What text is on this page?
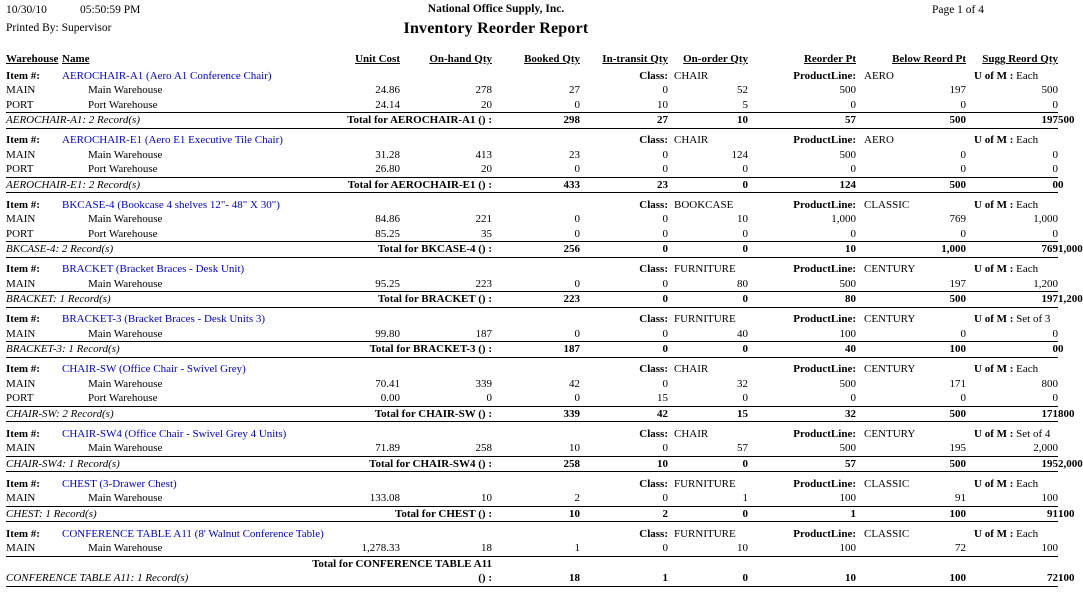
10/30/10	05:50:59 PM
Printed By: Supervisor
National Office Supply, Inc.
Inventory Reorder Report
Page 1 of 4
Warehouse	Name	Unit Cost	On-hand Qty	Booked Qty	In-transit Qty	On-order Qty	Reorder Pt	Below Reord Pt	Sugg Reord Qty	
Item #:	AEROCHAIR-A1 (Aero A1 Conference Chair)				Class:	CHAIR	ProductLine:	AERO	U of M : Each	
MAIN	Main Warehouse	24.86	278	27	0	52	500	197	500	
PORT	Port Warehouse	24.14	20	0	10	5	0	0	0	
AEROCHAIR-A1: 2 Record(s)		Total for AEROCHAIR-A1 () :		298	27	10	57	500	197	500

Item #:	AEROCHAIR-E1 (Aero E1 Executive Tile Chair)				Class:	CHAIR	ProductLine:	AERO	U of M : Each	
MAIN	Main Warehouse	31.28	413	23	0	124	500	0	0	
PORT	Port Warehouse	26.80	20	0	0	0	0	0	0	
AEROCHAIR-E1: 2 Record(s)		Total for AEROCHAIR-E1 () :		433	23	0	124	500	0	0

Item #:	BKCASE-4 (Bookcase 4 shelves 12"- 48" X 30")				Class:	BOOKCASE	ProductLine:	CLASSIC	U of M : Each	
MAIN	Main Warehouse	84.86	221	0	0	10	1,000	769	1,000	
PORT	Port Warehouse	85.25	35	0	0	0	0	0	0	
BKCASE-4: 2 Record(s)		Total for BKCASE-4 () :		256	0	0	10	1,000	769	1,000

Item #:	BRACKET (Bracket Braces - Desk Unit)				Class:	FURNITURE	ProductLine:	CENTURY	U of M : Each	
MAIN	Main Warehouse	95.25	223	0	0	80	500	197	1,200	
BRACKET: 1 Record(s)		Total for BRACKET () :		223	0	0	80	500	197	1,200

Item #:	BRACKET-3 (Bracket Braces - Desk Units 3)				Class:	FURNITURE	ProductLine:	CENTURY	U of M : Set of 3	
MAIN	Main Warehouse	99.80	187	0	0	40	100	0	0	
BRACKET-3: 1 Record(s)		Total for BRACKET-3 () :		187	0	0	40	100	0	0

Item #:	CHAIR-SW (Office Chair - Swivel Grey)				Class:	CHAIR	ProductLine:	CENTURY	U of M : Each	
MAIN	Main Warehouse	70.41	339	42	0	32	500	171	800	
PORT	Port Warehouse	0.00	0	0	15	0	0	0	0	
CHAIR-SW: 2 Record(s)		Total for CHAIR-SW () :		339	42	15	32	500	171	800

Item #:	CHAIR-SW4 (Office Chair - Swivel Grey 4 Units)				Class:	CHAIR	ProductLine:	CENTURY	U of M : Set of 4	
MAIN	Main Warehouse	71.89	258	10	0	57	500	195	2,000	
CHAIR-SW4: 1 Record(s)		Total for CHAIR-SW4 () :		258	10	0	57	500	195	2,000

Item #:	CHEST (3-Drawer Chest)				Class:	FURNITURE	ProductLine:	CLASSIC	U of M : Each	
MAIN	Main Warehouse	133.08	10	2	0	1	100	91	100	
CHEST: 1 Record(s)		Total for CHEST () :		10	2	0	1	100	91	100

Item #:	CONFERENCE TABLE A11 (8' Walnut Conference Table)				Class:	FURNITURE	ProductLine:	CLASSIC	U of M : Each	
MAIN	Main Warehouse	1,278.33	18	1	0	10	100	72	100	
CONFERENCE TABLE A11: 1 Record(s)		Total for CONFERENCE TABLE A11 () :		18	1	0	10	100	72	100
